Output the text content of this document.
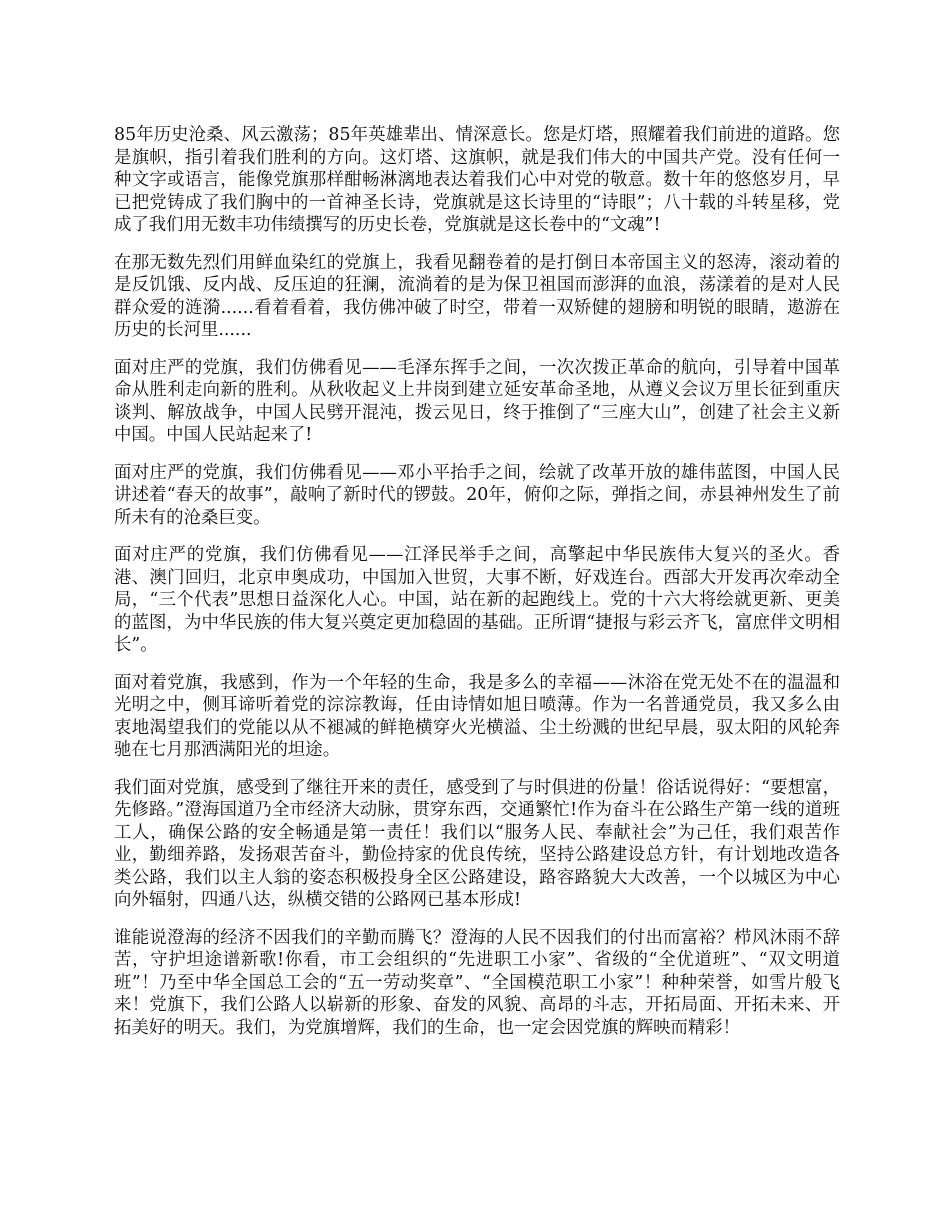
85年历史沧桑、风云激荡；85年英雄辈出、情深意长。您是灯塔，照耀着我们前进的道路。您是旗帜，指引着我们胜利的方向。这灯塔、这旗帜，就是我们伟大的中国共产党。没有任何一种文字或语言，能像党旗那样酣畅淋漓地表达着我们心中对党的敬意。数十年的悠悠岁月，早已把党铸成了我们胸中的一首神圣长诗，党旗就是这长诗里的“诗眼”；八十载的斗转星移，党成了我们用无数丰功伟绩撰写的历史长卷，党旗就是这长卷中的“文魂”!

在那无数先烈们用鲜血染红的党旗上，我看见翻卷着的是打倒日本帝国主义的怒涛，滚动着的是反饥饿、反内战、反压迫的狂澜，流淌着的是为保卫祖国而澎湃的血浪，荡漾着的是对人民群众爱的涟漪......看着看着，我仿佛冲破了时空，带着一双矫健的翅膀和明锐的眼睛，遨游在历史的长河里......

面对庄严的党旗，我们仿佛看见——毛泽东挥手之间，一次次拨正革命的航向，引导着中国革命从胜利走向新的胜利。从秋收起义上井岗到建立延安革命圣地，从遵义会议万里长征到重庆谈判、解放战争，中国人民劈开混沌，拨云见日，终于推倒了“三座大山”，创建了社会主义新中国。中国人民站起来了!

面对庄严的党旗，我们仿佛看见——邓小平抬手之间，绘就了改革开放的雄伟蓝图，中国人民讲述着“春天的故事”，敲响了新时代的锣鼓。20年，俯仰之际，弹指之间，赤县神州发生了前所未有的沧桑巨变。

面对庄严的党旗，我们仿佛看见——江泽民举手之间，高擎起中华民族伟大复兴的圣火。香港、澳门回归，北京申奥成功，中国加入世贸，大事不断，好戏连台。西部大开发再次牵动全局，“三个代表”思想日益深化人心。中国，站在新的起跑线上。党的十六大将绘就更新、更美的蓝图，为中华民族的伟大复兴奠定更加稳固的基础。正所谓“捷报与彩云齐飞，富庶伴文明相长”。

面对着党旗，我感到，作为一个年轻的生命，我是多么的幸福——沐浴在党无处不在的温温和光明之中，侧耳谛听着党的淙淙教诲，任由诗情如旭日喷薄。作为一名普通党员，我又多么由衷地渴望我们的党能以从不褪减的鲜艳横穿火光横溢、尘土纷溅的世纪早晨，驭太阳的风轮奔驰在七月那洒满阳光的坦途。

我们面对党旗，感受到了继往开来的责任，感受到了与时俱进的份量！俗话说得好：“要想富，先修路。”澄海国道乃全市经济大动脉，贯穿东西，交通繁忙!作为奋斗在公路生产第一线的道班工人，确保公路的安全畅通是第一责任！我们以“服务人民、奉献社会”为己任，我们艰苦作业，勤细养路，发扬艰苦奋斗，勤俭持家的优良传统，坚持公路建设总方针，有计划地改造各类公路，我们以主人翁的姿态积极投身全区公路建设，路容路貌大大改善，一个以城区为中心向外辐射，四通八达，纵横交错的公路网已基本形成!

谁能说澄海的经济不因我们的辛勤而腾飞？澄海的人民不因我们的付出而富裕？栉风沐雨不辞苦，守护坦途谱新歌!你看，市工会组织的“先进职工小家”、省级的“全优道班”、“双文明道班”！乃至中华全国总工会的“五一劳动奖章”、“全国模范职工小家”！种种荣誉，如雪片般飞来！党旗下，我们公路人以崭新的形象、奋发的风貌、高昂的斗志，开拓局面、开拓未来、开拓美好的明天。我们，为党旗增辉，我们的生命，也一定会因党旗的辉映而精彩！
